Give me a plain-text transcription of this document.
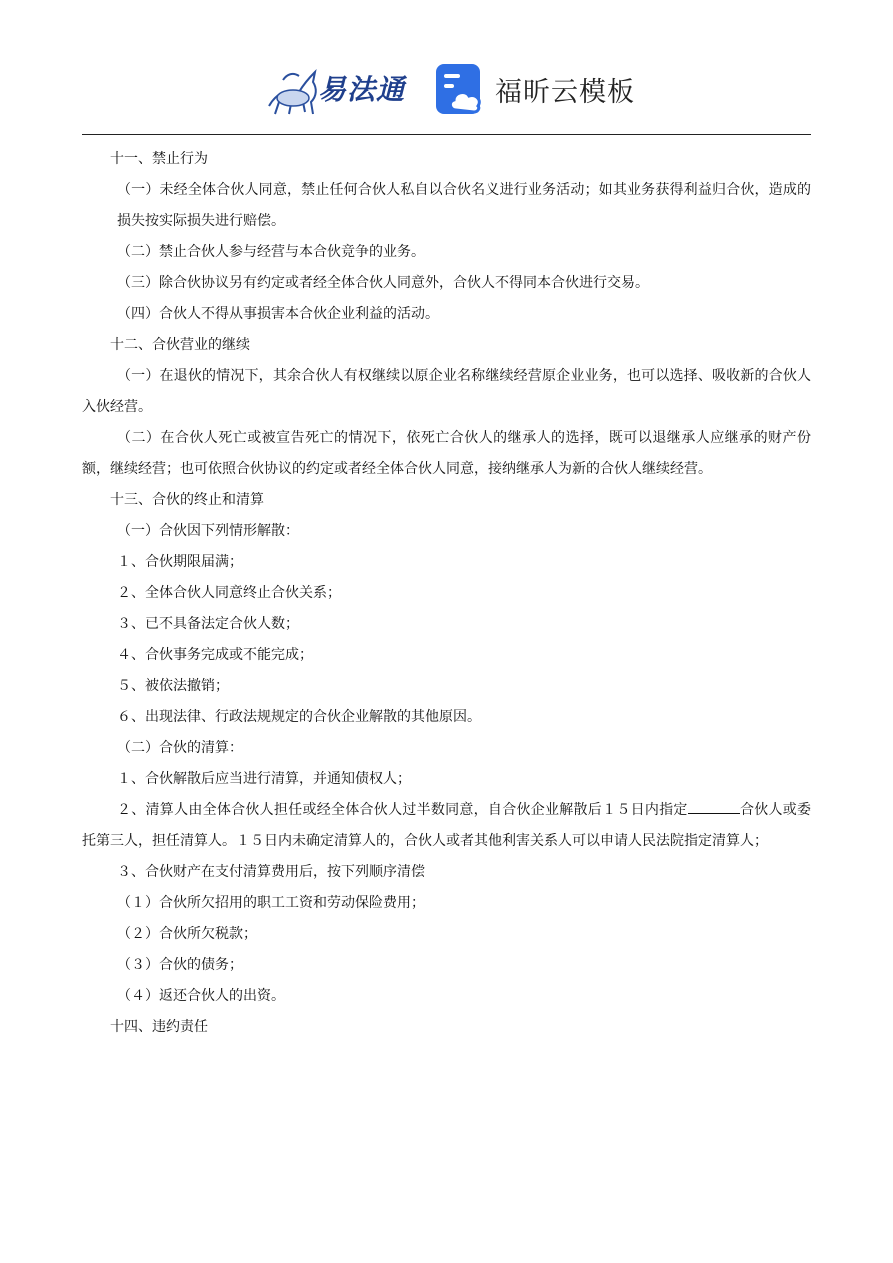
易法通	福昕云模板

十一、禁止行为

（一）未经全体合伙人同意，禁止任何合伙人私自以合伙名义进行业务活动；如其业务获得利益归合伙，造成的损失按实际损失进行赔偿。

（二）禁止合伙人参与经营与本合伙竞争的业务。

（三）除合伙协议另有约定或者经全体合伙人同意外，合伙人不得同本合伙进行交易。

（四）合伙人不得从事损害本合伙企业利益的活动。

十二、合伙营业的继续

（一）在退伙的情况下，其余合伙人有权继续以原企业名称继续经营原企业业务，也可以选择、吸收新的合伙人入伙经营。

（二）在合伙人死亡或被宣告死亡的情况下，依死亡合伙人的继承人的选择，既可以退继承人应继承的财产份额，继续经营；也可依照合伙协议的约定或者经全体合伙人同意，接纳继承人为新的合伙人继续经营。

十三、合伙的终止和清算

（一）合伙因下列情形解散：

１、合伙期限届满；

２、全体合伙人同意终止合伙关系；

３、已不具备法定合伙人数；

４、合伙事务完成或不能完成；

５、被依法撤销；

６、出现法律、行政法规规定的合伙企业解散的其他原因。

（二）合伙的清算：

１、合伙解散后应当进行清算，并通知债权人；

２、清算人由全体合伙人担任或经全体合伙人过半数同意，自合伙企业解散后１５日内指定	合伙人或委托第三人，担任清算人。１５日内未确定清算人的，合伙人或者其他利害关系人可以申请人民法院指定清算人；

３、合伙财产在支付清算费用后，按下列顺序清偿

（１）合伙所欠招用的职工工资和劳动保险费用；

（２）合伙所欠税款；

（３）合伙的债务；

（４）返还合伙人的出资。

十四、违约责任
